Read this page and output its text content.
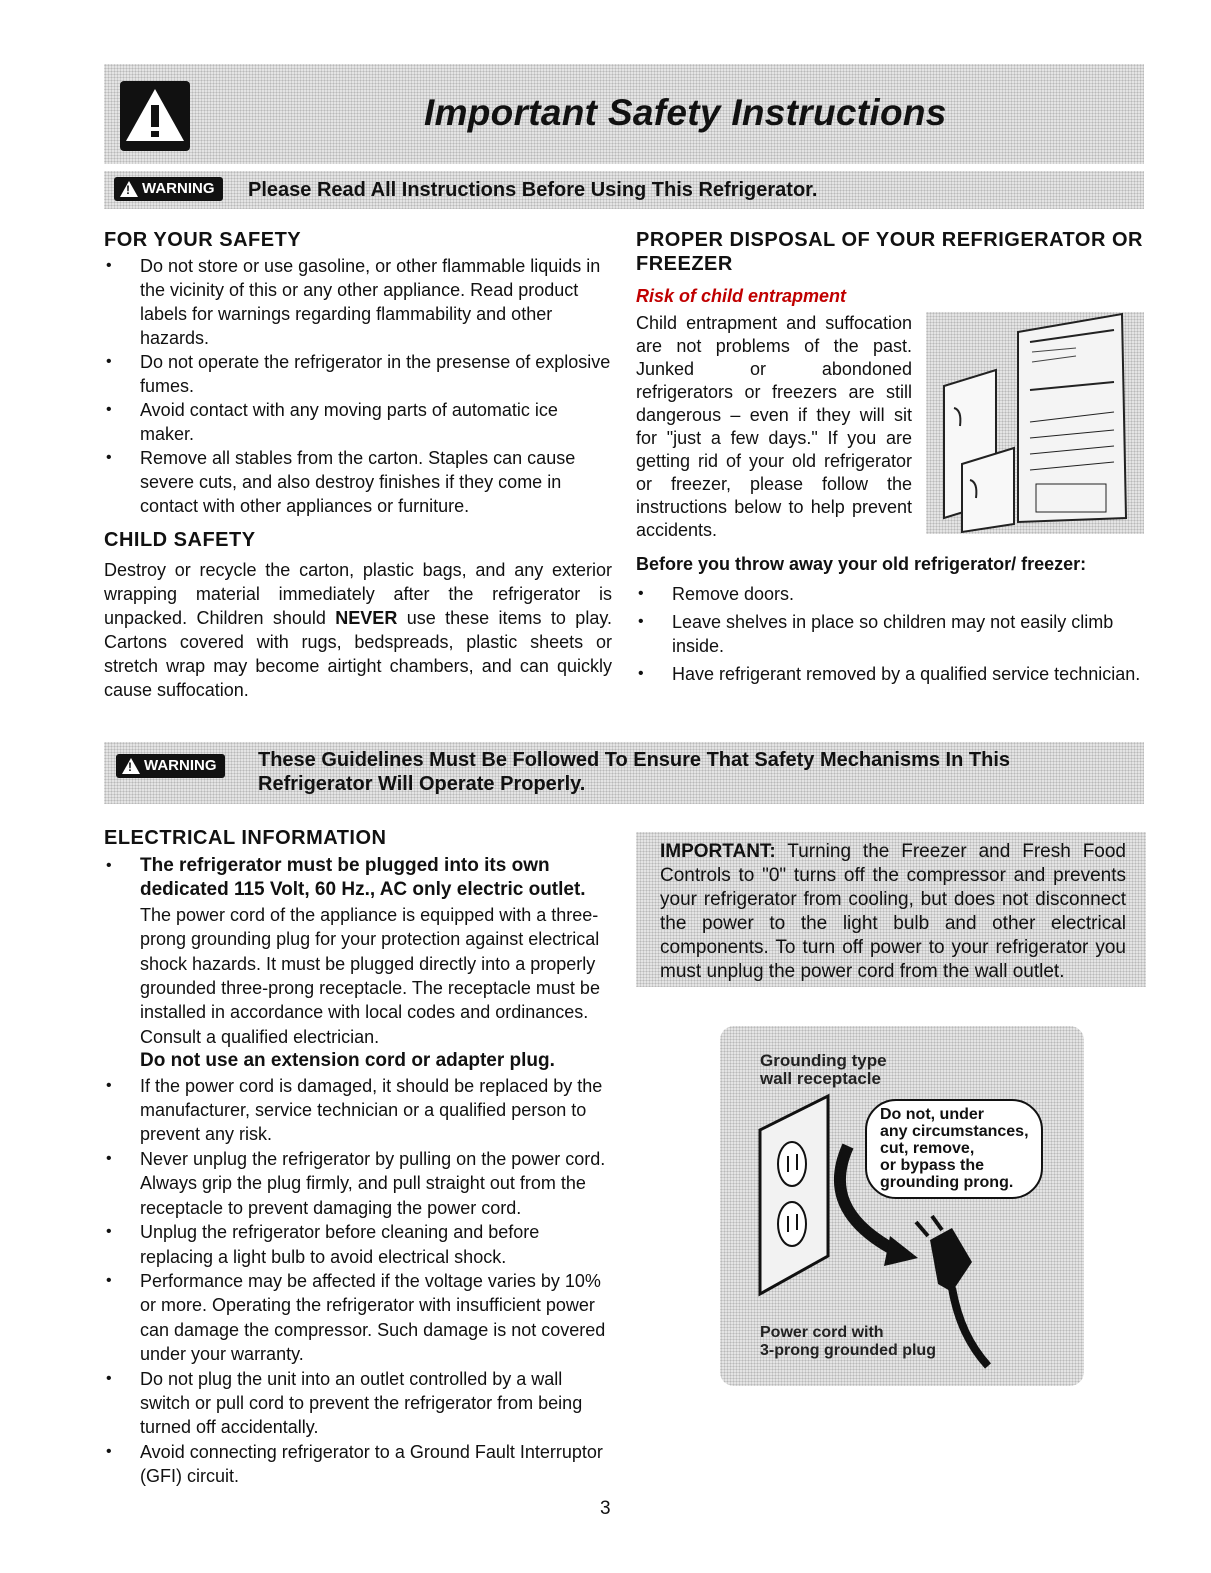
Important Safety Instructions
!
WARNING Please Read All Instructions Before Using This Refrigerator.
FOR YOUR SAFETY
• Do not store or use gasoline, or other flammable liquids in the vicinity of this or any other appliance. Read product labels for warnings regarding flammability and other hazards.
• Do not operate the refrigerator in the presense of explosive fumes.
• Avoid contact with any moving parts of automatic ice maker.
• Remove all stables from the carton. Staples can cause severe cuts, and also destroy finishes if they come in contact with other appliances or furniture.
CHILD SAFETY

Destroy or recycle the carton, plastic bags, and any exterior wrapping material immediately after the refrigerator is unpacked. Children should NEVER use these items to play. Cartons covered with rugs, bedspreads, plastic sheets or stretch wrap may become airtight chambers, and can quickly cause suffocation.

PROPER DISPOSAL OF YOUR REFRIGERATOR OR FREEZER
Risk of child entrapment

Child entrapment and suffocation are not problems of the past. Junked or abondoned refrigerators or freezers are still dangerous – even if they will sit for "just a few days." If you are getting rid of your old refrigerator or freezer, please follow the instructions below to help prevent accidents.

Before you throw away your old refrigerator/ freezer:
• Remove doors.
• Leave shelves in place so children may not easily climb inside.
• Have refrigerant removed by a qualified service technician.
!
WARNING These Guidelines Must Be Followed To Ensure That Safety Mechanisms In This Refrigerator Will Operate Properly.
ELECTRICAL INFORMATION
• The refrigerator must be plugged into its own dedicated 115 Volt, 60 Hz., AC only electric outlet.
The power cord of the appliance is equipped with a three-prong grounding plug for your protection against electrical shock hazards. It must be plugged directly into a properly grounded three-prong receptacle. The receptacle must be installed in accordance with local codes and ordinances. Consult a qualified electrician.
Do not use an extension cord or adapter plug.
• If the power cord is damaged, it should be replaced by the manufacturer, service technician or a qualified person to prevent any risk.
• Never unplug the refrigerator by pulling on the power cord. Always grip the plug firmly, and pull straight out from the receptacle to prevent damaging the power cord.
• Unplug the refrigerator before cleaning and before replacing a light bulb to avoid electrical shock.
• Performance may be affected if the voltage varies by 10% or more. Operating the refrigerator with insufficient power can damage the compressor. Such damage is not covered under your warranty.
• Do not plug the unit into an outlet controlled by a wall switch or pull cord to prevent the refrigerator from being turned off accidentally.
• Avoid connecting refrigerator to a Ground Fault Interruptor (GFI) circuit.
IMPORTANT: Turning the Freezer and Fresh Food Controls to "0" turns off the compressor and prevents your refrigerator from cooling, but does not disconnect the power to the light bulb and other electrical components. To turn off power to your refrigerator you must unplug the power cord from the wall outlet.
Grounding type
wall receptacle
Do not, under
any circumstances,
cut, remove,
or bypass the
grounding prong.
Power cord with
3-prong grounded plug
3
